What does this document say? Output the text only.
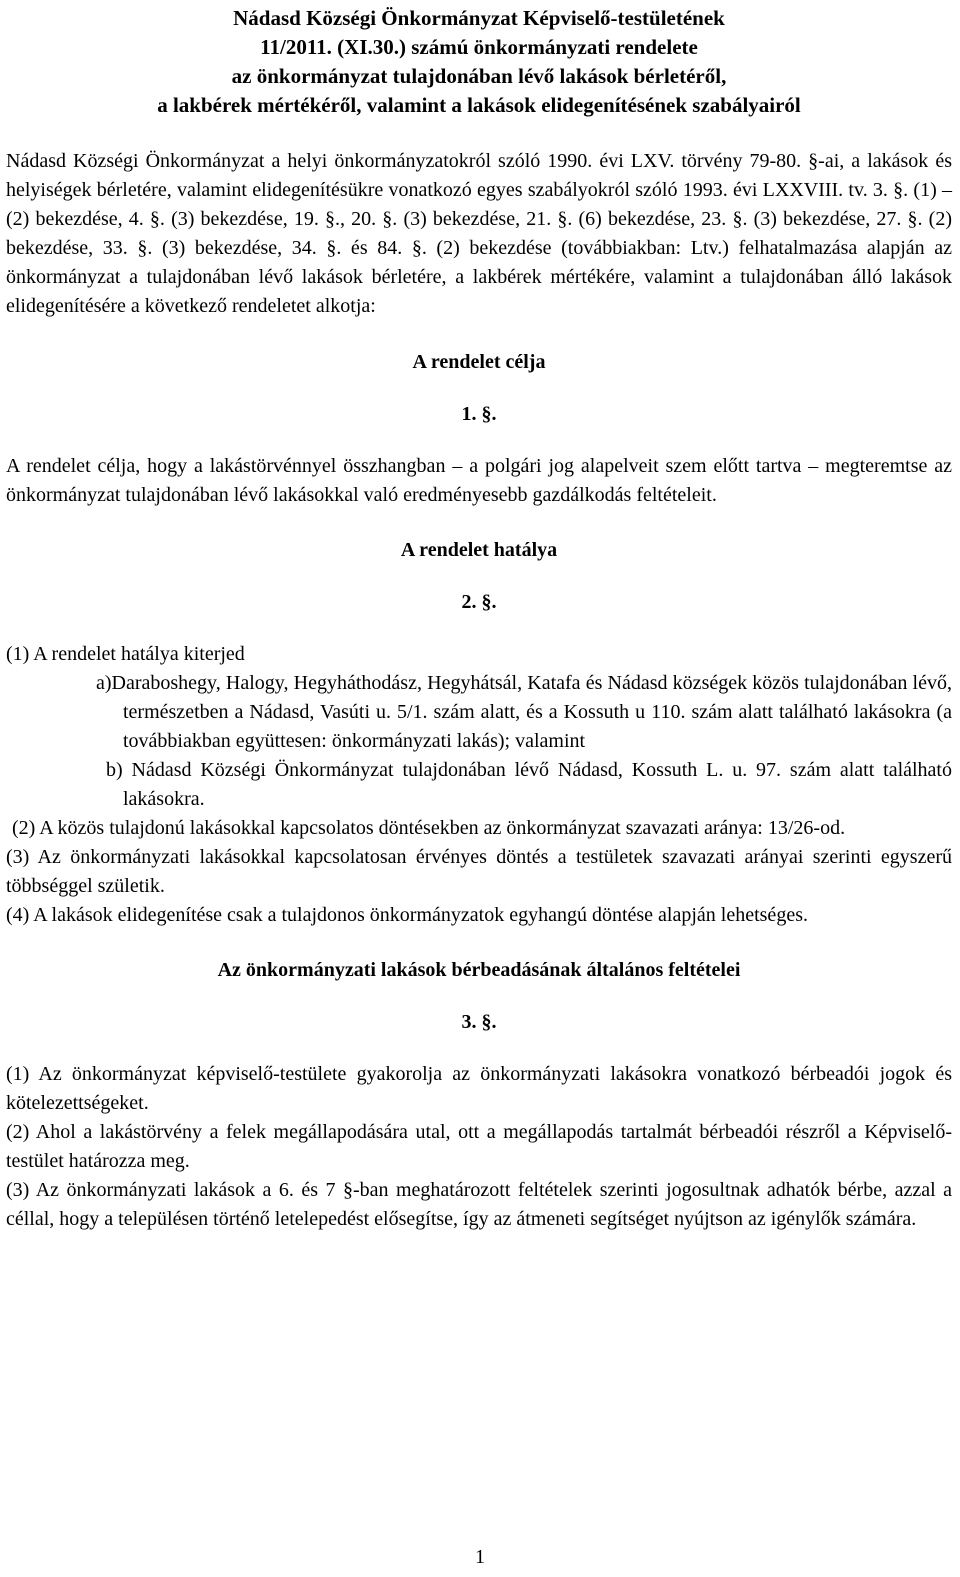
Nádasd Községi Önkormányzat Képviselő-testületének
11/2011. (XI.30.) számú önkormányzati rendelete
az önkormányzat tulajdonában lévő lakások bérletéről,
a lakbérek mértékéről, valamint a lakások elidegenítésének szabályairól

Nádasd Községi Önkormányzat a helyi önkormányzatokról szóló 1990. évi LXV. törvény 79-80. §-ai, a lakások és helyiségek bérletére, valamint elidegenítésükre vonatkozó egyes szabályokról szóló 1993. évi LXXVIII. tv. 3. §. (1) – (2) bekezdése, 4. §. (3) bekezdése, 19. §., 20. §. (3) bekezdése, 21. §. (6) bekezdése, 23. §. (3) bekezdése, 27. §. (2) bekezdése, 33. §. (3) bekezdése, 34. §. és 84. §. (2) bekezdése (továbbiakban: Ltv.) felhatalmazása alapján az önkormányzat a tulajdonában lévő lakások bérletére, a lakbérek mértékére, valamint a tulajdonában álló lakások elidegenítésére a következő rendeletet alkotja:

A rendelet célja
1. §.

A rendelet célja, hogy a lakástörvénnyel összhangban – a polgári jog alapelveit szem előtt tartva – megteremtse az önkormányzat tulajdonában lévő lakásokkal való eredményesebb gazdálkodás feltételeit.

A rendelet hatálya
2. §.

(1) A rendelet hatálya kiterjed

a)Daraboshegy, Halogy, Hegyháthodász, Hegyhátsál, Katafa és Nádasd községek közös tulajdonában lévő, természetben a Nádasd, Vasúti u. 5/1. szám alatt, és a Kossuth u 110. szám alatt található lakásokra (a továbbiakban együttesen: önkormányzati lakás); valamint

b) Nádasd Községi Önkormányzat tulajdonában lévő Nádasd, Kossuth L. u. 97. szám alatt található lakásokra.

(2) A közös tulajdonú lakásokkal kapcsolatos döntésekben az önkormányzat szavazati aránya: 13/26-od.

(3) Az önkormányzati lakásokkal kapcsolatosan érvényes döntés a testületek szavazati arányai szerinti egyszerű többséggel születik.

(4) A lakások elidegenítése csak a tulajdonos önkormányzatok egyhangú döntése alapján lehetséges.

Az önkormányzati lakások bérbeadásának általános feltételei
3. §.

(1) Az önkormányzat képviselő-testülete gyakorolja az önkormányzati lakásokra vonatkozó bérbeadói jogok és kötelezettségeket.

(2) Ahol a lakástörvény a felek megállapodására utal, ott a megállapodás tartalmát bérbeadói részről a Képviselő-testület határozza meg.

(3) Az önkormányzati lakások a 6. és 7 §-ban meghatározott feltételek szerinti jogosultnak adhatók bérbe, azzal a céllal, hogy a településen történő letelepedést elősegítse, így az átmeneti segítséget nyújtson az igénylők számára.

1
